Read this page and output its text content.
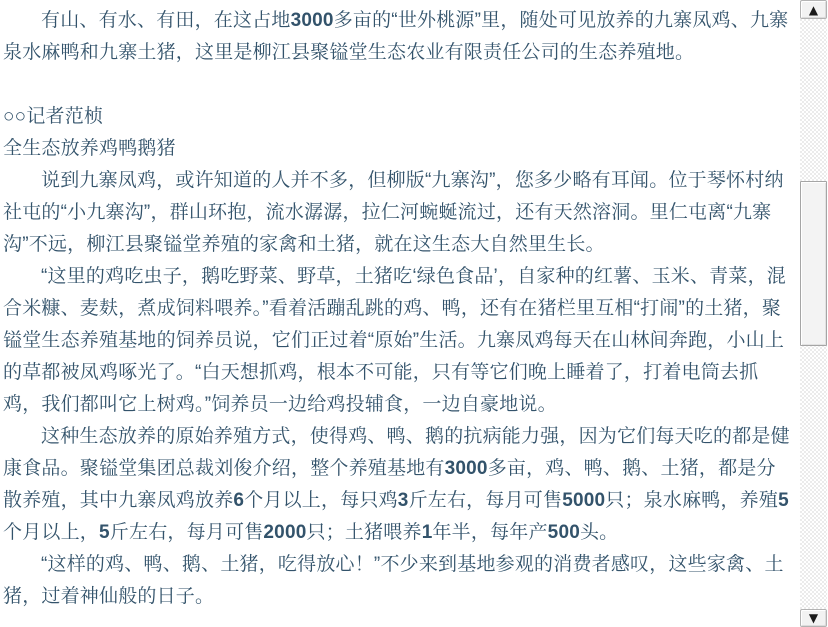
有山、有水、有田，在这占地3000多亩的“世外桃源”里，随处可见放养的九寨凤鸡、九寨泉水麻鸭和九寨土猪，这里是柳江县聚镒堂生态农业有限责任公司的生态养殖地。

○○记者范桢

全生态放养鸡鸭鹅猪

说到九寨凤鸡，或许知道的人并不多，但柳版“九寨沟”，您多少略有耳闻。位于琴怀村纳社屯的“小九寨沟”，群山环抱，流水潺潺，拉仁河蜿蜒流过，还有天然溶洞。里仁屯离“九寨沟”不远，柳江县聚镒堂养殖的家禽和土猪，就在这生态大自然里生长。

“这里的鸡吃虫子，鹅吃野菜、野草，土猪吃‘绿色食品’，自家种的红薯、玉米、青菜，混合米糠、麦麸，煮成饲料喂养。”看着活蹦乱跳的鸡、鸭，还有在猪栏里互相“打闹”的土猪，聚镒堂生态养殖基地的饲养员说，它们正过着“原始”生活。九寨凤鸡每天在山林间奔跑，小山上的草都被凤鸡啄光了。“白天想抓鸡，根本不可能，只有等它们晚上睡着了，打着电筒去抓鸡，我们都叫它上树鸡。”饲养员一边给鸡投辅食，一边自豪地说。

这种生态放养的原始养殖方式，使得鸡、鸭、鹅的抗病能力强，因为它们每天吃的都是健康食品。聚镒堂集团总裁刘俊介绍，整个养殖基地有3000多亩，鸡、鸭、鹅、土猪，都是分散养殖，其中九寨凤鸡放养6个月以上，每只鸡3斤左右，每月可售5000只；泉水麻鸭，养殖5个月以上，5斤左右，每月可售2000只；土猪喂养1年半，每年产500头。

“这样的鸡、鸭、鹅、土猪，吃得放心！”不少来到基地参观的消费者感叹，这些家禽、土猪，过着神仙般的日子。

▲
▼
